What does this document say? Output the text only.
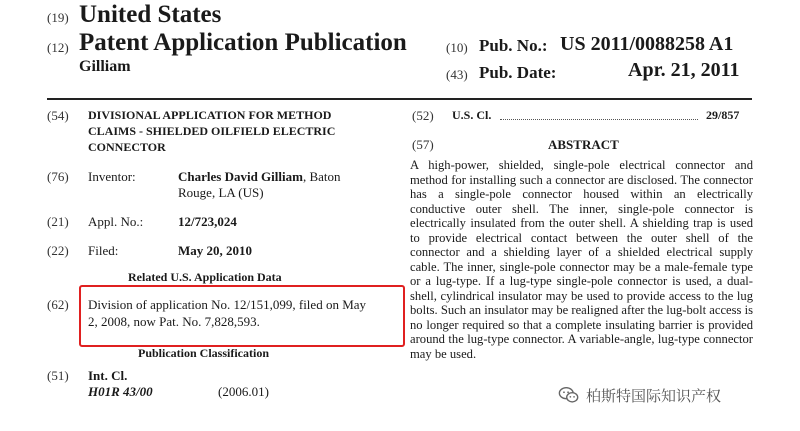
(19) United States
(12) Patent Application Publication
Gilliam
(10) Pub. No.: US 2011/0088258 A1
(43) Pub. Date:	Apr. 21, 2011
(54) DIVISIONAL APPLICATION FOR METHOD
CLAIMS - SHIELDED OILFIELD ELECTRIC
CONNECTOR
(76) Inventor:	Charles David Gilliam, Baton
Rouge, LA (US)
(21) Appl. No.:	12/723,024
(22) Filed:	May 20, 2010
Related U.S. Application Data
(62) Division of application No. 12/151,099, filed on May
2, 2008, now Pat. No. 7,828,593.
Publication Classification
(51) Int. Cl.
H01R 43/00	(2006.01)
(52) U.S. Cl.	29/857
(57)	ABSTRACT
A high-power, shielded, single-pole electrical connector and method for installing such a connector are disclosed. The connector has a single-pole connector housed within an electrically conductive outer shell. The inner, single-pole connector is electrically insulated from the outer shell. A shielding trap is used to provide electrical contact between the outer shell of the connector and a shielding layer of a shielded electrical supply cable. The inner, single-pole connector may be a male-female type or a lug-type. If a lug-type single-pole connector is used, a dual-shell, cylindrical insulator may be used to provide access to the lug bolts. Such an insulator may be realigned after the lug-bolt access is no longer required so that a complete insulating barrier is provided around the lug-type connector. A variable-angle, lug-type connector may be used.
柏斯特国际知识产权
